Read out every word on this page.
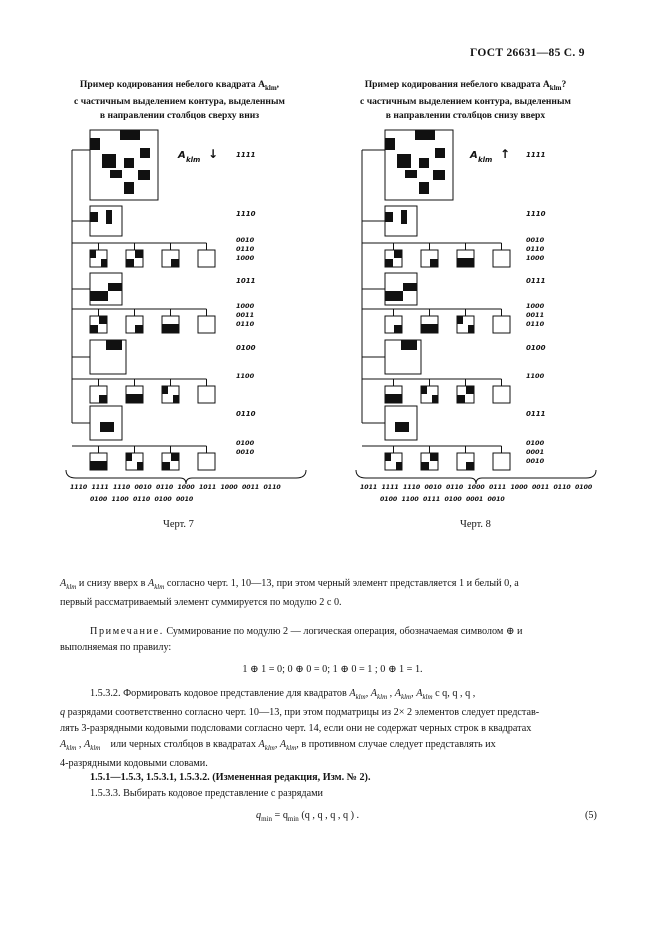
ГОСТ 26631—85 С. 9
Пример кодирования небелого квадрата $A_{klm}$,
с частичным выделением контура, выделенным
в направлении столбцов сверху вниз
Пример кодирования небелого квадрата $A_{klm}$?
с частичным выделением контура, выделенным
в направлении столбцов снизу вверх
A klm ↓	1111
1110
0010
0110
1000
1011
1000
0011
0110
0100
1100
0110
0100
0010
1110 1111 1110 0010 0110 1000 1011 1000 0011 0110
0100 1100 0110 0100 0010
A klm ↑ 1111
1110
0010
0110
1000
0111
1000
0011
0110
0100
1100
0111
0100
0001
0010
1011 1111 1110 0010 0110 1000 0111 1000 0011 0110 0100
0100 1100 0111 0100 0001 0010
Черт. 7	Черт. 8
$A_{klm}$ и снизу вверх в $A_{klm}$ согласно черт. 1, 10—13, при этом черный элемент представляется 1 и белый 0, а
первый рассматриваемый элемент суммируется по модулю 2 с 0.
Примечание. Суммирование по модулю 2 — логическая операция, обозначаемая символом ⊕ и
выполняемая по правилу:
1 ⊕ 1 = 0; 0 ⊕ 0 = 0; 1 ⊕ 0 = 1 ; 0 ⊕ 1 = 1.
1.5.3.2. Формировать кодовое представление для квадратов $A_{klm}$, $A_{klm}$ , $A_{klm}$, $A_{klm}$ с q, q , q ,
q разрядами соответственно согласно черт. 10—13, при этом подматрицы из 2× 2 элементов следует представ-
лять 3-разрядными кодовыми подсловами согласно черт. 14, если они не содержат черных строк в квадратах
$A_{klm}$ , $A_{klm}$ или черных столбцов в квадратах $A_{klm}$, $A_{klm}$, в противном случае следует представлять их
4-разрядными кодовыми словами.
1.5.1—1.5.3, 1.5.3.1, 1.5.3.2. (Измененная редакция, Изм. № 2).
1.5.3.3. Выбирать кодовое представление с разрядами
$q_{min} = q_{min}$ (q , q , q , q ) .	(5)
